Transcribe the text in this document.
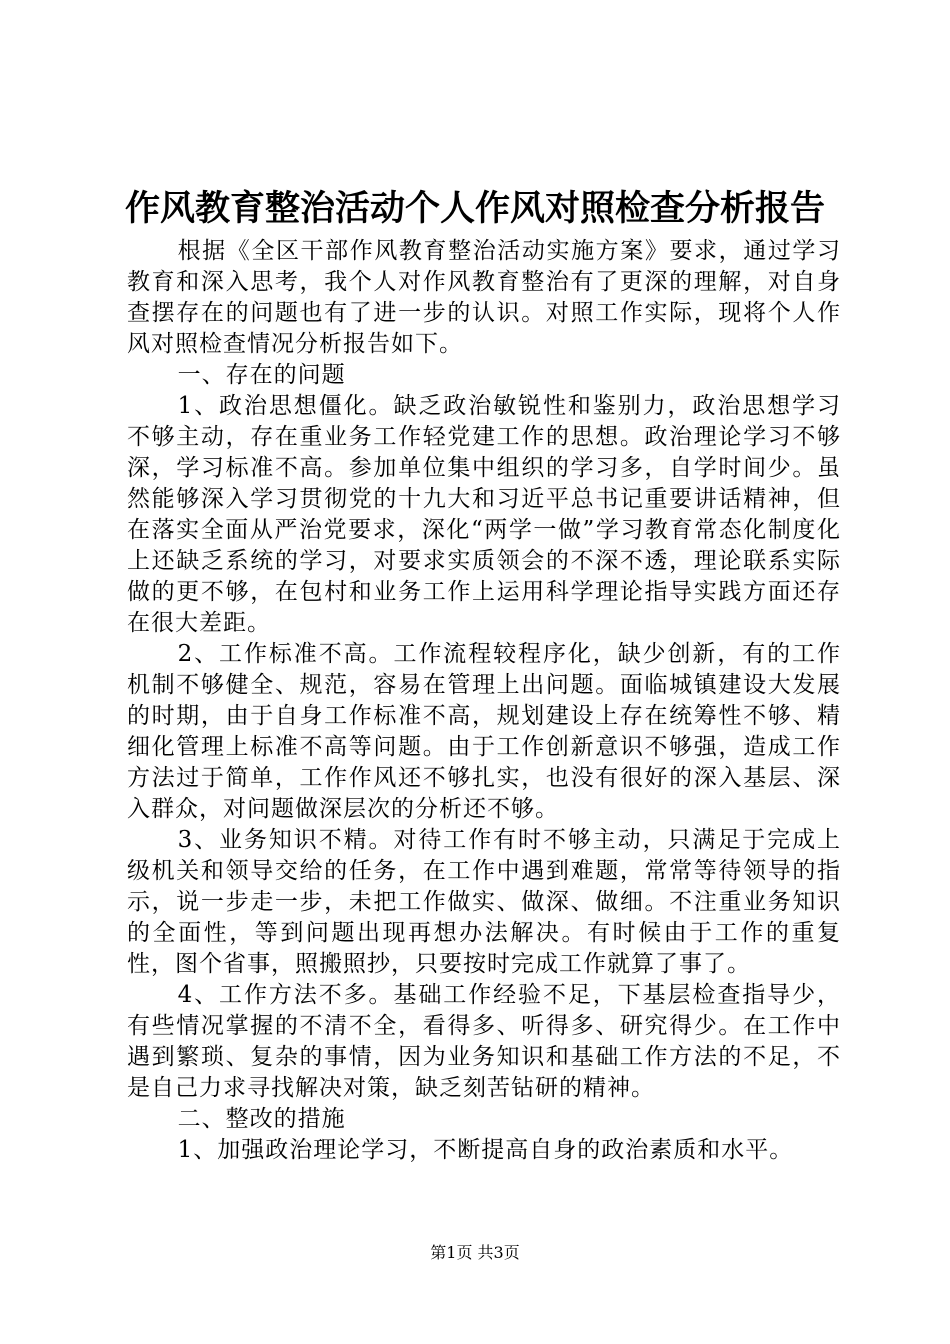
作风教育整治活动个人作风对照检查分析报告

根据《全区干部作风教育整治活动实施方案》要求，通过学习教育和深入思考，我个人对作风教育整治有了更深的理解，对自身查摆存在的问题也有了进一步的认识。对照工作实际，现将个人作风对照检查情况分析报告如下。

一、存在的问题

1、政治思想僵化。缺乏政治敏锐性和鉴别力，政治思想学习不够主动，存在重业务工作轻党建工作的思想。政治理论学习不够深，学习标准不高。参加单位集中组织的学习多，自学时间少。虽然能够深入学习贯彻党的十九大和习近平总书记重要讲话精神，但在落实全面从严治党要求，深化“两学一做”学习教育常态化制度化上还缺乏系统的学习，对要求实质领会的不深不透，理论联系实际做的更不够，在包村和业务工作上运用科学理论指导实践方面还存在很大差距。

2、工作标准不高。工作流程较程序化，缺少创新，有的工作机制不够健全、规范，容易在管理上出问题。面临城镇建设大发展的时期，由于自身工作标准不高，规划建设上存在统筹性不够、精细化管理上标准不高等问题。由于工作创新意识不够强，造成工作方法过于简单，工作作风还不够扎实，也没有很好的深入基层、深入群众，对问题做深层次的分析还不够。

3、业务知识不精。对待工作有时不够主动，只满足于完成上级机关和领导交给的任务，在工作中遇到难题，常常等待领导的指示，说一步走一步，未把工作做实、做深、做细。不注重业务知识的全面性，等到问题出现再想办法解决。有时候由于工作的重复性，图个省事，照搬照抄，只要按时完成工作就算了事了。

4、工作方法不多。基础工作经验不足，下基层检查指导少，有些情况掌握的不清不全，看得多、听得多、研究得少。在工作中遇到繁琐、复杂的事情，因为业务知识和基础工作方法的不足，不是自己力求寻找解决对策，缺乏刻苦钻研的精神。

二、整改的措施

1、加强政治理论学习，不断提高自身的政治素质和水平。

第1页 共3页
